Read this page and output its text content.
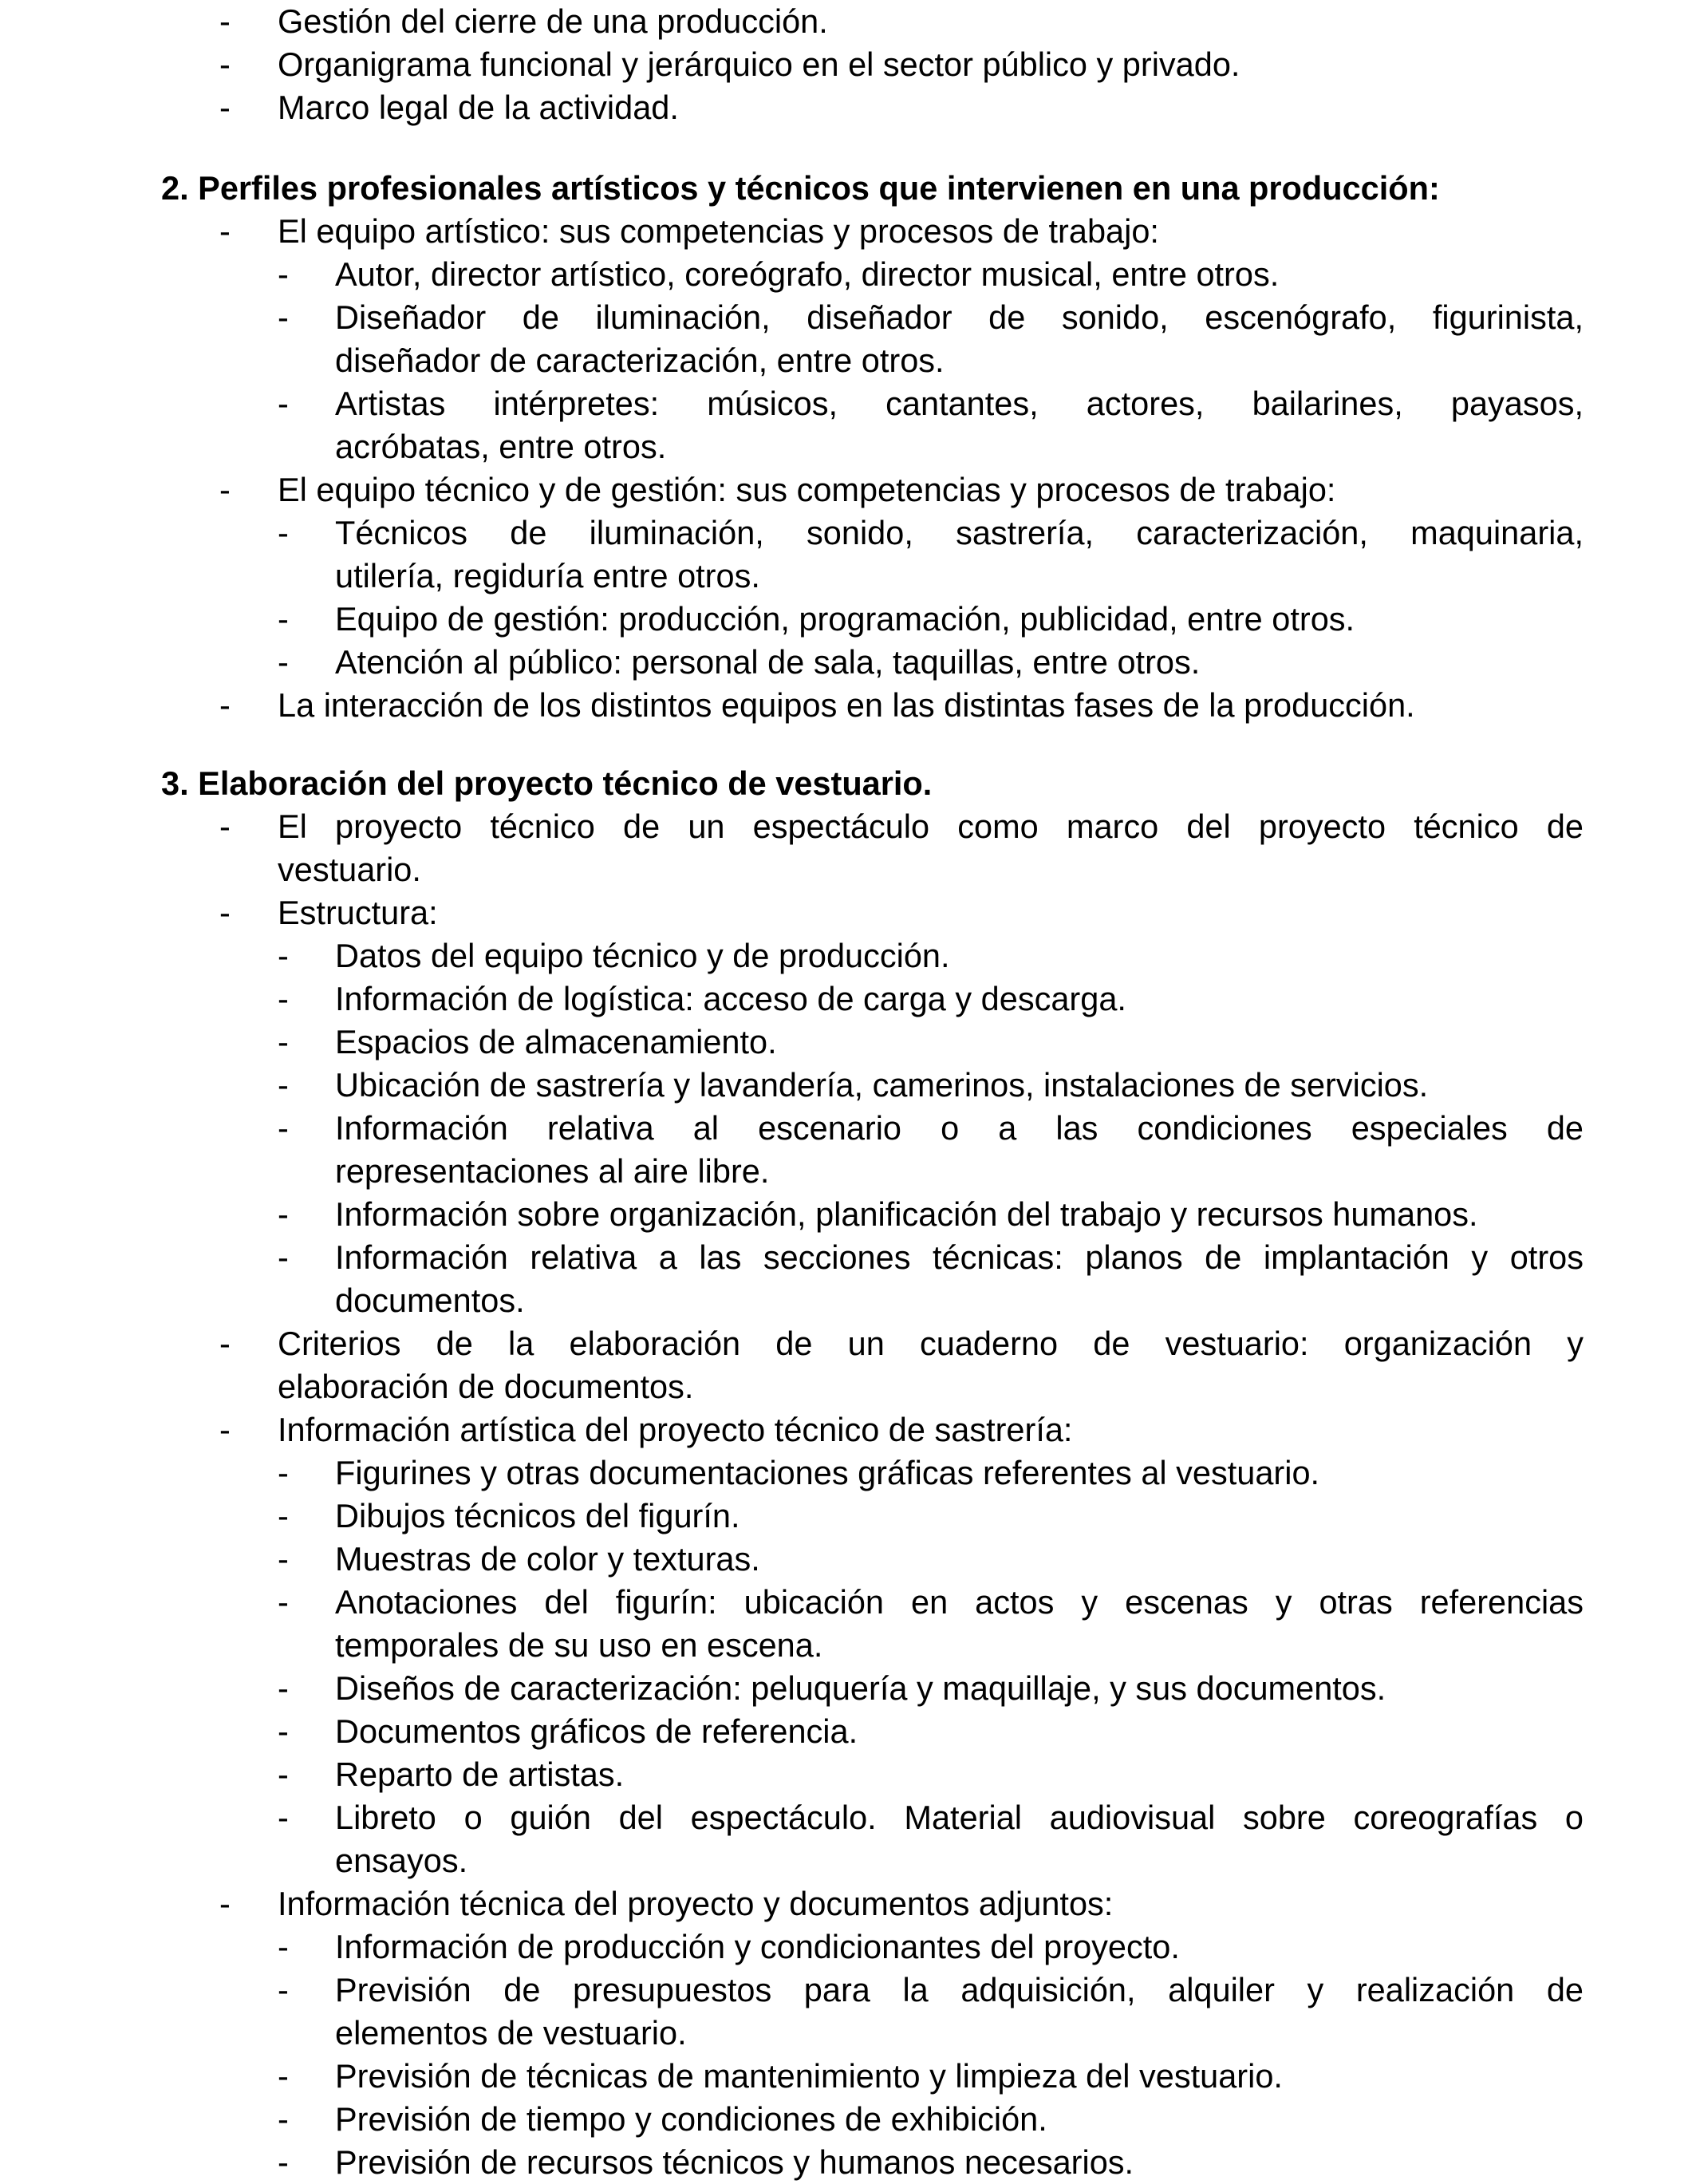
-	Gestión del cierre de una producción.
-	Organigrama funcional y jerárquico en el sector público y privado.
-	Marco legal de la actividad.
2. Perfiles profesionales artísticos y técnicos que intervienen en una producción:
-	El equipo artístico: sus competencias y procesos de trabajo:
-	Autor, director artístico, coreógrafo, director musical, entre otros.
-	Diseñador de iluminación, diseñador de sonido, escenógrafo, figurinista,
diseñador de caracterización, entre otros.
-	Artistas intérpretes: músicos, cantantes, actores, bailarines, payasos,
acróbatas, entre otros.
-	El equipo técnico y de gestión: sus competencias y procesos de trabajo:
-	Técnicos de iluminación, sonido, sastrería, caracterización, maquinaria,
utilería, regiduría entre otros.
-	Equipo de gestión: producción, programación, publicidad, entre otros.
-	Atención al público: personal de sala, taquillas, entre otros.
-	La interacción de los distintos equipos en las distintas fases de la producción.
3. Elaboración del proyecto técnico de vestuario.
-	El proyecto técnico de un espectáculo como marco del proyecto técnico de
vestuario.
-	Estructura:
-	Datos del equipo técnico y de producción.
-	Información de logística: acceso de carga y descarga.
-	Espacios de almacenamiento.
-	Ubicación de sastrería y lavandería, camerinos, instalaciones de servicios.
-	Información relativa al escenario o a las condiciones especiales de
representaciones al aire libre.
-	Información sobre organización, planificación del trabajo y recursos humanos.
-	Información relativa a las secciones técnicas: planos de implantación y otros
documentos.
-	Criterios de la elaboración de un cuaderno de vestuario: organización y
elaboración de documentos.
-	Información artística del proyecto técnico de sastrería:
-	Figurines y otras documentaciones gráficas referentes al vestuario.
-	Dibujos técnicos del figurín.
-	Muestras de color y texturas.
-	Anotaciones del figurín: ubicación en actos y escenas y otras referencias
temporales de su uso en escena.
-	Diseños de caracterización: peluquería y maquillaje, y sus documentos.
-	Documentos gráficos de referencia.
-	Reparto de artistas.
-	Libreto o guión del espectáculo. Material audiovisual sobre coreografías o
ensayos.
-	Información técnica del proyecto y documentos adjuntos:
-	Información de producción y condicionantes del proyecto.
-	Previsión de presupuestos para la adquisición, alquiler y realización de
elementos de vestuario.
-	Previsión de técnicas de mantenimiento y limpieza del vestuario.
-	Previsión de tiempo y condiciones de exhibición.
-	Previsión de recursos técnicos y humanos necesarios.
